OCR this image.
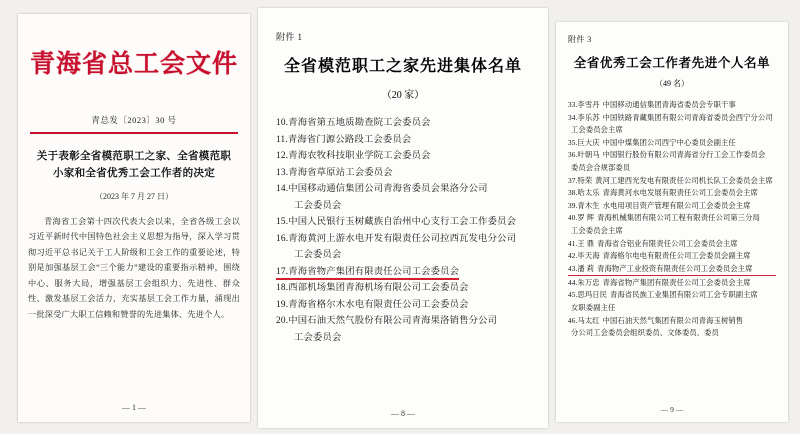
青海省总工会文件
青总发〔2023〕30 号
关于表彰全省模范职工之家、全省模范职
小家和全省优秀工会工作者的决定
（2023 年 7 月 27 日）
青海省工会第十四次代表大会以来，全省各级工会以习近平新时代中国特色社会主义思想为指导，深入学习贯彻习近平总书记关于工人阶级和工会工作的重要论述，特别是加强基层工会“三个能力”建设的重要指示精神，围绕中心、服务大局，增强基层工会组织力、先进性、群众性、激发基层工会活力，充实基层工会工作力量，涌现出一批深受广大职工信赖和赞誉的先进集体、先进个人。
— 1 —
附件 1
全省模范职工之家先进集体名单
（20 家）
10.青海省第五地质勘查院工会委员会
11.青海省门源公路段工会委员会
12.青海农牧科技职业学院工会委员会
13.青海省草原站工会委员会
14.中国移动通信集团公司青海省委员会果洛分公司
工会委员会
15.中国人民银行玉树藏族自治州中心支行工会工作委员会
16.青海黄河上游水电开发有限责任公司拉西瓦发电分公司
工会委员会
17.青海省物产集团有限责任公司工会委员会
18.西部机场集团青海机场有限公司工会委员会
19.青海省格尔木水电有限责任公司工会委员会
20.中国石油天然气股份有限公司青海果洛销售分公司
工会委员会
— 8 —
附件 3
全省优秀工会工作者先进个人名单
（49 名）
33.李雪丹 中国移动通信集团青海省委员会专职干事
34.李乐苏 中国铁路青藏集团有限公司青海省委员会西宁分公司
工会委员会主席
35.巨大庆 中国中煤集团公司西宁中心委员会副主任
36.叶朝马 中国银行股份有限公司青海省分行工会工作委员会
委员会合规部委员
37.特荣 黄河工建西光发电有限责任公司机长队工会委员会主席
38.哈太乐 青海黄河水电发展有限责任公司工会委员会主席
39.青木生 水电用项目资产管理有限公司工会委员会主席
40.罗 辉 青海机械集团有限公司工程有限责任公司第三分局
工会委员会主席
41.王 鼎 青海省合铝业有限责任公司工会委员会主席
42.毕天海 青海格尔电电有限责任公司工会委员会副主席
43.潘 莉 青海物产工业投资有限责任公司工会委员会主席
44.朱万忠 青海省物产集团有限责任公司工会委员会主席
45.思玛日民 青海省民族工业集团有限公司工会专职副主席
女职委副主任
46.马太红 中国石油天然气集团有限公司青海玉树销售
分公司工会委员会组织委员、文体委员、委员
— 9 —
